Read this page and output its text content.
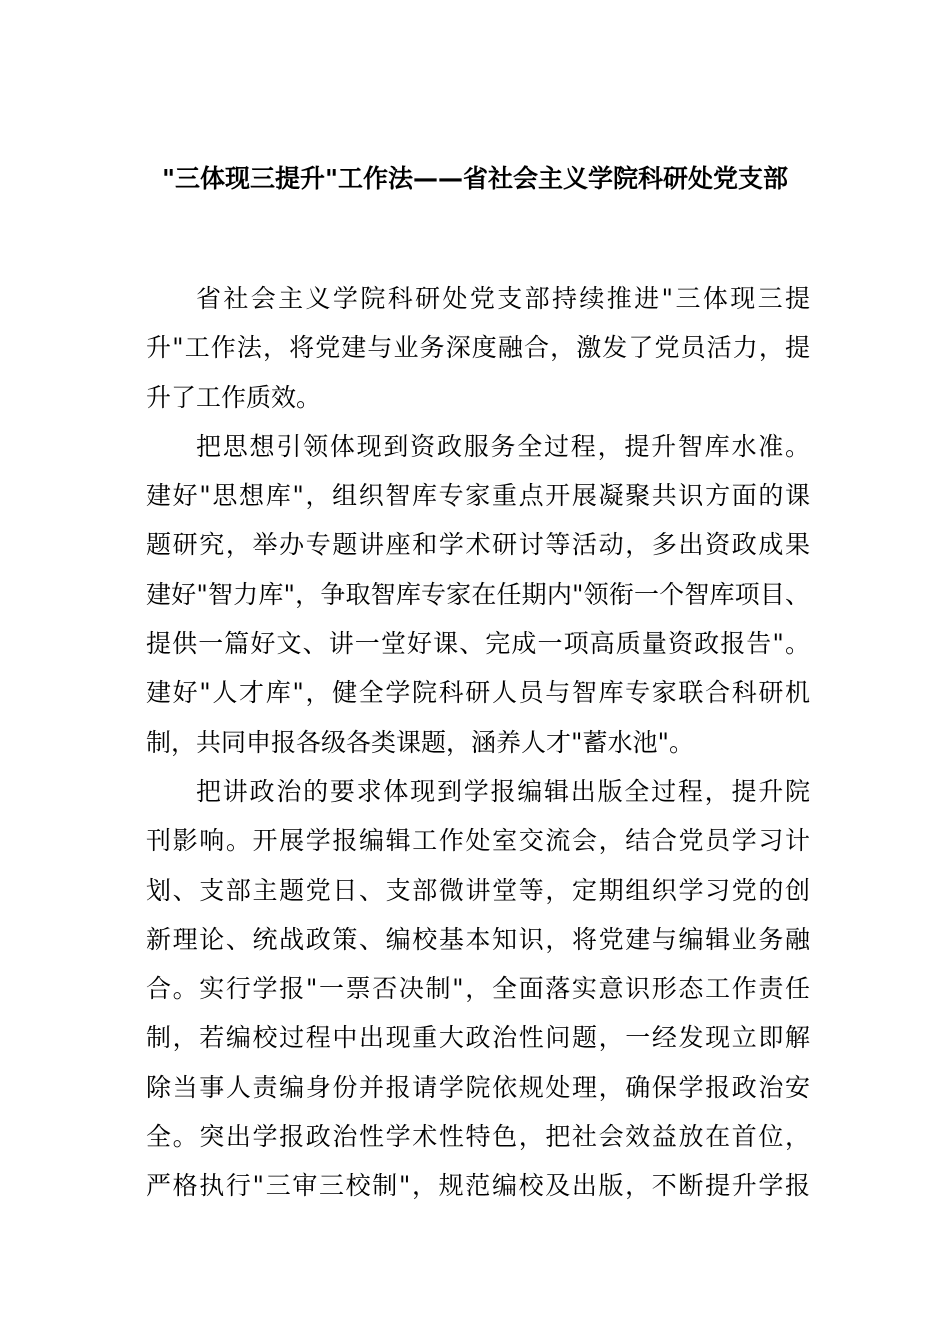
"三体现三提升"工作法——省社会主义学院科研处党支部
省社会主义学院科研处党支部持续推进"三体现三提
升"工作法，将党建与业务深度融合，激发了党员活力，提
升了工作质效。
把思想引领体现到资政服务全过程，提升智库水准。
建好"思想库"，组织智库专家重点开展凝聚共识方面的课
题研究，举办专题讲座和学术研讨等活动，多出资政成果
建好"智力库"，争取智库专家在任期内"领衔一个智库项目、
提供一篇好文、讲一堂好课、完成一项高质量资政报告"。
建好"人才库"，健全学院科研人员与智库专家联合科研机
制，共同申报各级各类课题，涵养人才"蓄水池"。
把讲政治的要求体现到学报编辑出版全过程，提升院
刊影响。开展学报编辑工作处室交流会，结合党员学习计
划、支部主题党日、支部微讲堂等，定期组织学习党的创
新理论、统战政策、编校基本知识，将党建与编辑业务融
合。实行学报"一票否决制"，全面落实意识形态工作责任
制，若编校过程中出现重大政治性问题，一经发现立即解
除当事人责编身份并报请学院依规处理，确保学报政治安
全。突出学报政治性学术性特色，把社会效益放在首位，
严格执行"三审三校制"，规范编校及出版，不断提升学报
